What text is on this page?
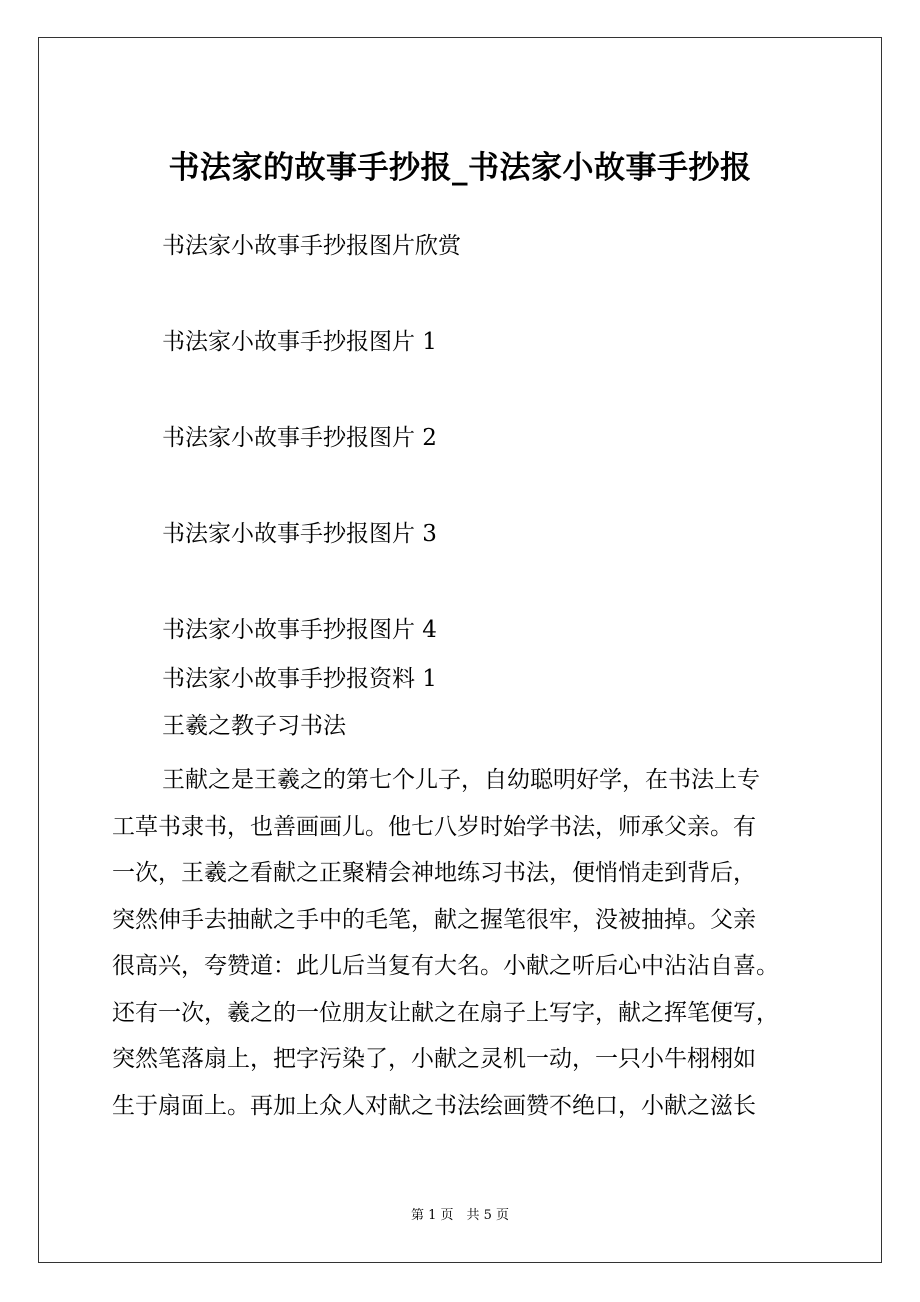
书法家的故事手抄报_书法家小故事手抄报
书法家小故事手抄报图片欣赏
书法家小故事手抄报图片 1
书法家小故事手抄报图片 2
书法家小故事手抄报图片 3
书法家小故事手抄报图片 4
书法家小故事手抄报资料 1
王羲之教子习书法
王献之是王羲之的第七个儿子，自幼聪明好学，在书法上专
工草书隶书，也善画画儿。他七八岁时始学书法，师承父亲。有
一次，王羲之看献之正聚精会神地练习书法，便悄悄走到背后，
突然伸手去抽献之手中的毛笔，献之握笔很牢，没被抽掉。父亲
很高兴，夸赞道：此儿后当复有大名。小献之听后心中沾沾自喜。
还有一次，羲之的一位朋友让献之在扇子上写字，献之挥笔便写，
突然笔落扇上，把字污染了，小献之灵机一动，一只小牛栩栩如
生于扇面上。再加上众人对献之书法绘画赞不绝口，小献之滋长
第 1 页　共 5 页
